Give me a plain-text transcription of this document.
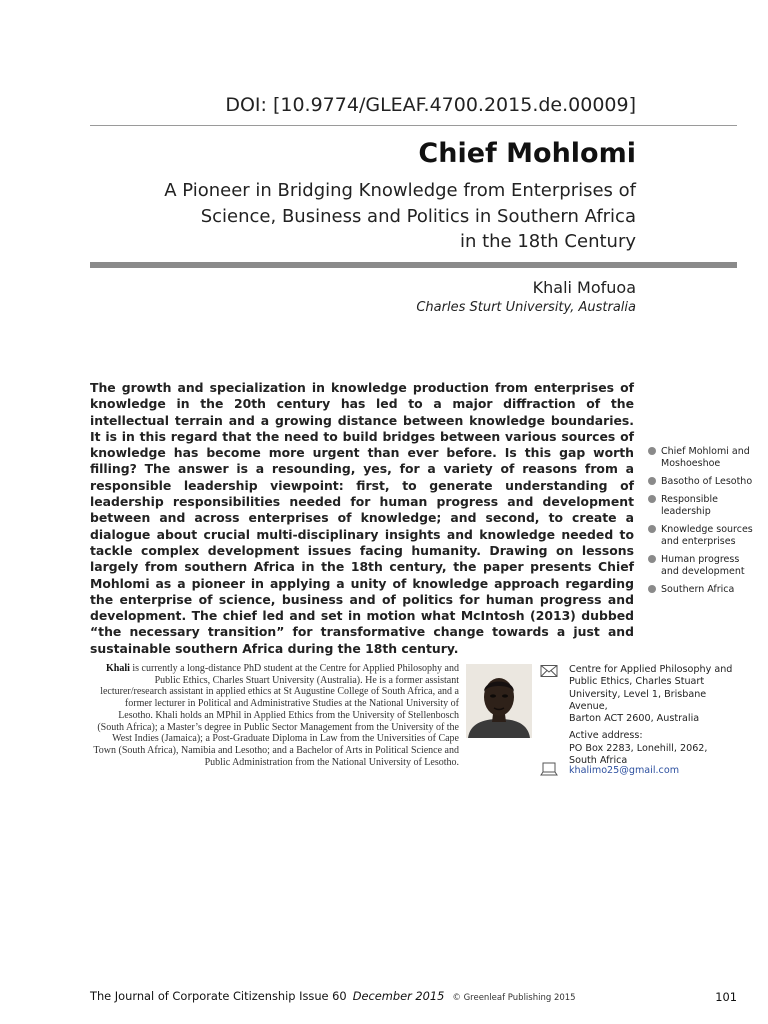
DOI: [10.9774/GLEAF.4700.2015.de.00009]
Chief Mohlomi
A Pioneer in Bridging Knowledge from Enterprises of
Science, Business and Politics in Southern Africa
in the 18th Century
Khali Mofuoa
Charles Sturt University, Australia
The growth and specialization in knowledge production from enterprises of knowledge in the 20th century has led to a major diffraction of the intellectual terrain and a growing distance between knowledge boundaries. It is in this regard that the need to build bridges between various sources of knowledge has become more urgent than ever before. Is this gap worth filling? The answer is a resounding, yes, for a variety of reasons from a responsible leadership viewpoint: first, to generate understanding of leadership responsibilities needed for human progress and development between and across enterprises of knowledge; and second, to create a dialogue about crucial multi-disciplinary insights and knowledge needed to tackle complex development issues facing humanity. Drawing on lessons largely from southern Africa in the 18th century, the paper presents Chief Mohlomi as a pioneer in applying a unity of knowledge approach regarding the enterprise of science, business and of politics for human progress and development. The chief led and set in motion what McIntosh (2013) dubbed “the necessary transition” for transformative change towards a just and sustainable southern Africa during the 18th century.
Chief Mohlomi and Moshoeshoe
Basotho of Lesotho
Responsible leadership
Knowledge sources and enterprises
Human progress and development
Southern Africa
Khali is currently a long-distance PhD student at the Centre for Applied Philosophy and Public Ethics, Charles Stuart University (Australia). He is a former assistant lecturer/research assistant in applied ethics at St Augustine College of South Africa, and a former lecturer in Political and Administrative Studies at the National University of Lesotho. Khali holds an MPhil in Applied Ethics from the University of Stellenbosch (South Africa); a Master’s degree in Public Sector Management from the University of the West Indies (Jamaica); a Post-Graduate Diploma in Law from the Universities of Cape Town (South Africa), Namibia and Lesotho; and a Bachelor of Arts in Political Science and Public Administration from the National University of Lesotho.
Centre for Applied Philosophy and
Public Ethics, Charles Stuart
University, Level 1, Brisbane Avenue,
Barton ACT 2600, Australia
Active address:
PO Box 2283, Lonehill, 2062,
South Africa
khalimo25@gmail.com
The Journal of Corporate Citizenship Issue 60 December 2015 © Greenleaf Publishing 2015	101
